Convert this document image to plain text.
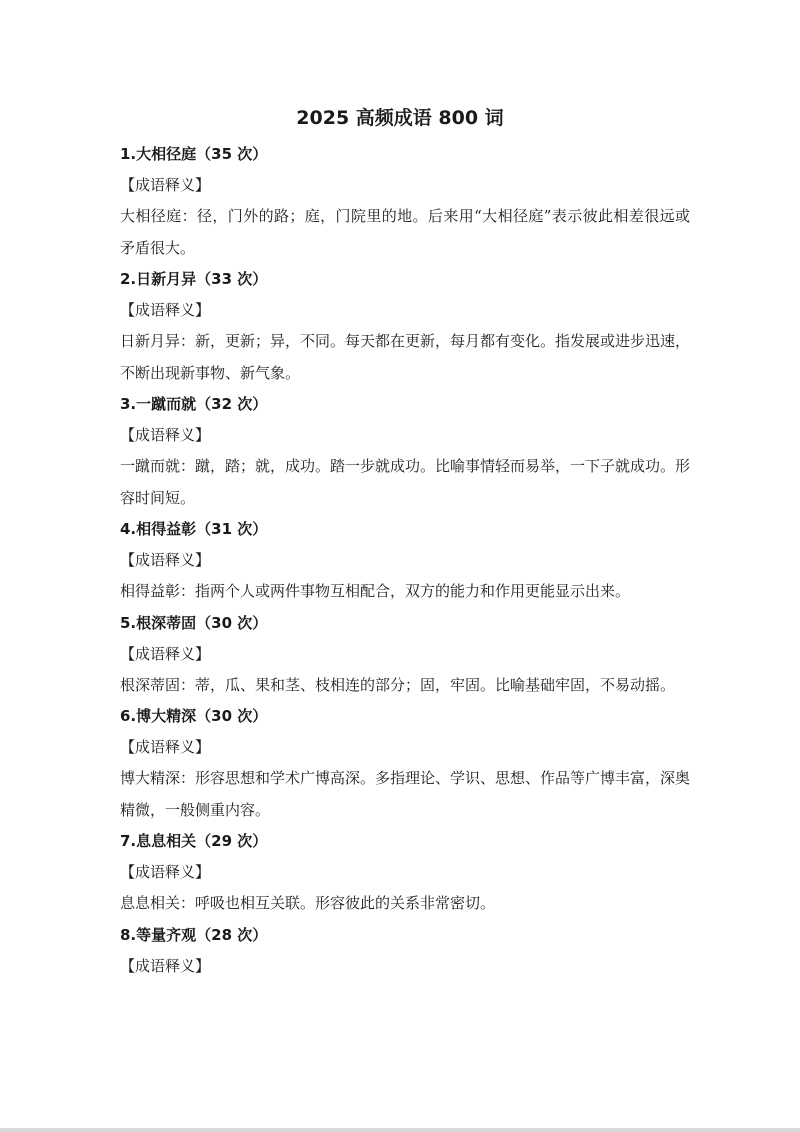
2025 高频成语 800 词

1.大相径庭（35 次）

【成语释义】

大相径庭：径，门外的路；庭，门院里的地。后来用“大相径庭”表示彼此相差很远或矛盾很大。

2.日新月异（33 次）

【成语释义】

日新月异：新，更新；异，不同。每天都在更新，每月都有变化。指发展或进步迅速，不断出现新事物、新气象。

3.一蹴而就（32 次）

【成语释义】

一蹴而就：蹴，踏；就，成功。踏一步就成功。比喻事情轻而易举，一下子就成功。形容时间短。

4.相得益彰（31 次）

【成语释义】

相得益彰：指两个人或两件事物互相配合，双方的能力和作用更能显示出来。

5.根深蒂固（30 次）

【成语释义】

根深蒂固：蒂，瓜、果和茎、枝相连的部分；固，牢固。比喻基础牢固，不易动摇。

6.博大精深（30 次）

【成语释义】

博大精深：形容思想和学术广博高深。多指理论、学识、思想、作品等广博丰富，深奥精微，一般侧重内容。

7.息息相关（29 次）

【成语释义】

息息相关：呼吸也相互关联。形容彼此的关系非常密切。

8.等量齐观（28 次）

【成语释义】
